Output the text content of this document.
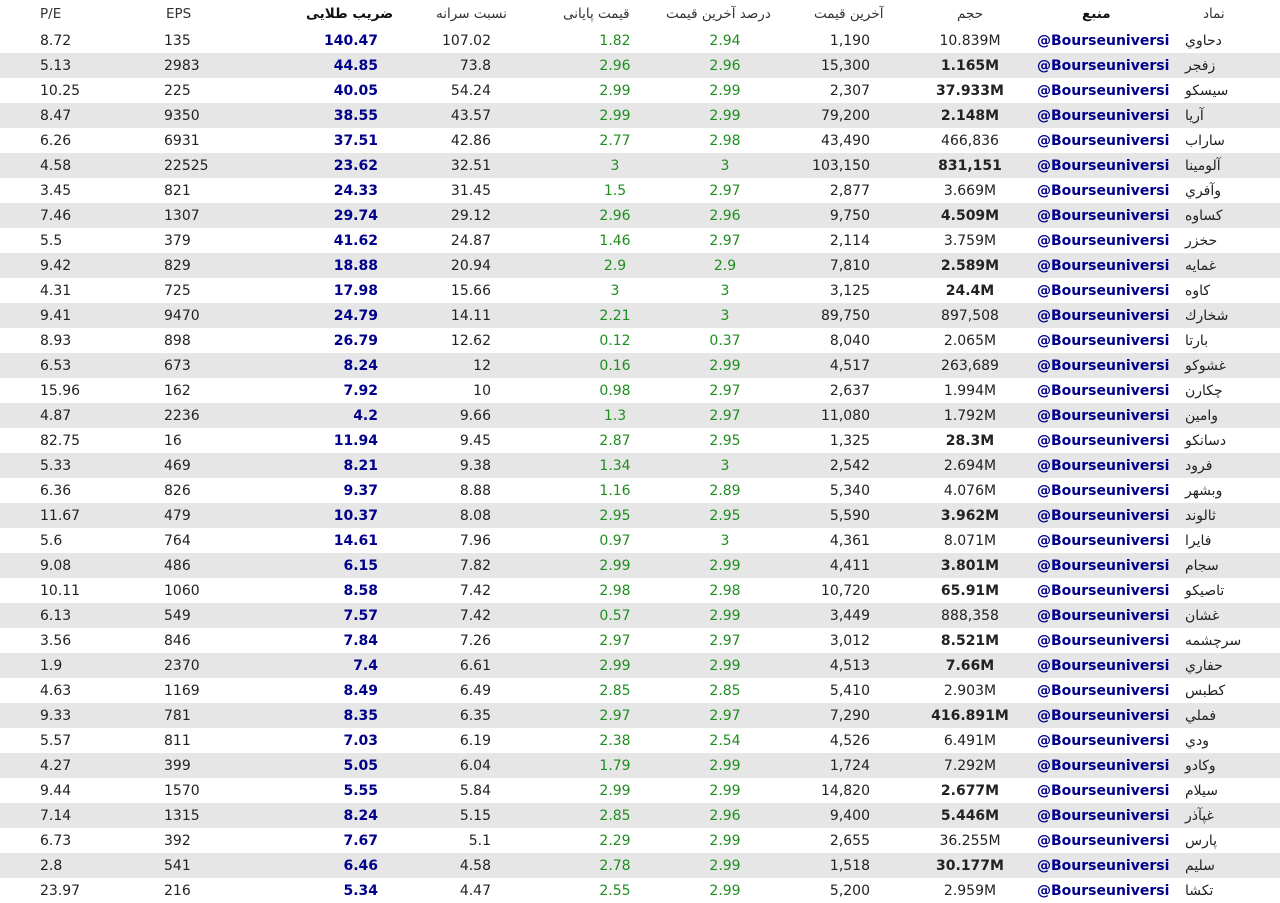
P/E	EPS	ضریب طلایی	نسبت سرانه	قیمت پایانی	درصد آخرین قیمت	آخرین قیمت	حجم	منبع	نماد
8.72	135	140.47	107.02	1.82	2.94	1,190	10.839M	@Bourseuniversi دحاوي
5.13	2983	44.85	73.8	2.96	2.96	15,300	1.165M	@Bourseuniversi زفجر
10.25	225	40.05	54.24	2.99	2.99	2,307	37.933M	@Bourseuniversi سيسكو
8.47	9350	38.55	43.57	2.99	2.99	79,200	2.148M	@Bourseuniversi آريا
6.26	6931	37.51	42.86	2.77	2.98	43,490	466,836	@Bourseuniversi ساراب
4.58	22525	23.62	32.51	3	3	103,150	831,151	@Bourseuniversi آلومينا
3.45	821	24.33	31.45	1.5	2.97	2,877	3.669M	@Bourseuniversi وآفري
7.46	1307	29.74	29.12	2.96	2.96	9,750	4.509M	@Bourseuniversi كساوه
5.5	379	41.62	24.87	1.46	2.97	2,114	3.759M	@Bourseuniversi حخزر
9.42	829	18.88	20.94	2.9	2.9	7,810	2.589M	@Bourseuniversi غمايه
4.31	725	17.98	15.66	3	3	3,125	24.4M	@Bourseuniversi كاوه
9.41	9470	24.79	14.11	2.21	3	89,750	897,508	@Bourseuniversi شخارك
8.93	898	26.79	12.62	0.12	0.37	8,040	2.065M	@Bourseuniversi بارتا
6.53	673	8.24	12	0.16	2.99	4,517	263,689	@Bourseuniversi غشوكو
15.96	162	7.92	10	0.98	2.97	2,637	1.994M	@Bourseuniversi چكارن
4.87	2236	4.2	9.66	1.3	2.97	11,080	1.792M	@Bourseuniversi وامين
82.75	16	11.94	9.45	2.87	2.95	1,325	28.3M	@Bourseuniversi دسانكو
5.33	469	8.21	9.38	1.34	3	2,542	2.694M	@Bourseuniversi فرود
6.36	826	9.37	8.88	1.16	2.89	5,340	4.076M	@Bourseuniversi وبشهر
11.67	479	10.37	8.08	2.95	2.95	5,590	3.962M	@Bourseuniversi ثالوند
5.6	764	14.61	7.96	0.97	3	4,361	8.071M	@Bourseuniversi فايرا
9.08	486	6.15	7.82	2.99	2.99	4,411	3.801M	@Bourseuniversi سجام
10.11	1060	8.58	7.42	2.98	2.98	10,720	65.91M	@Bourseuniversi تاصيكو
6.13	549	7.57	7.42	0.57	2.99	3,449	888,358	@Bourseuniversi غشان
3.56	846	7.84	7.26	2.97	2.97	3,012	8.521M	@Bourseuniversi سرچشمه
1.9	2370	7.4	6.61	2.99	2.99	4,513	7.66M	@Bourseuniversi حفاري
4.63	1169	8.49	6.49	2.85	2.85	5,410	2.903M	@Bourseuniversi كطبس
9.33	781	8.35	6.35	2.97	2.97	7,290	416.891M @Bourseuniversi فملي
5.57	811	7.03	6.19	2.38	2.54	4,526	6.491M	@Bourseuniversi ودي
4.27	399	5.05	6.04	1.79	2.99	1,724	7.292M	@Bourseuniversi وكادو
9.44	1570	5.55	5.84	2.99	2.99	14,820	2.677M	@Bourseuniversi سيلام
7.14	1315	8.24	5.15	2.85	2.96	9,400	5.446M	@Bourseuniversi غپآذر
6.73	392	7.67	5.1	2.29	2.99	2,655	36.255M	@Bourseuniversi پارس
2.8	541	6.46	4.58	2.78	2.99	1,518	30.177M	@Bourseuniversi سليم
23.97	216	5.34	4.47	2.55	2.99	5,200	2.959M	@Bourseuniversi تكشا
